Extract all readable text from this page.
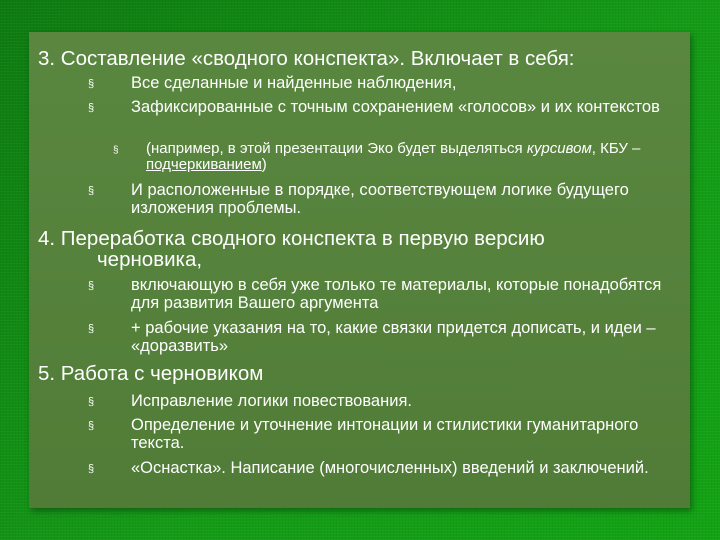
3. Составление «сводного конспекта». Включает в себя:
§ Все сделанные и найденные наблюдения,
§ Зафиксированные с точным сохранением «голосов» и их контекстов
§ (например, в этой презентации Эко будет выделяться курсивом, КБУ – подчеркиванием)
§ И расположенные в порядке, соответствующем логике будущего изложения проблемы.
4. Переработка сводного конспекта в первую версию
черновика,
§ включающую в себя уже только те материалы, которые понадобятся для развития Вашего аргумента
§ + рабочие указания на то, какие связки придется дописать, и идеи – «доразвить»
5. Работа с черновиком
§ Исправление логики повествования.
§ Определение и уточнение интонации и стилистики гуманитарного текста.
§ «Оснастка». Написание (многочисленных) введений и заключений.
